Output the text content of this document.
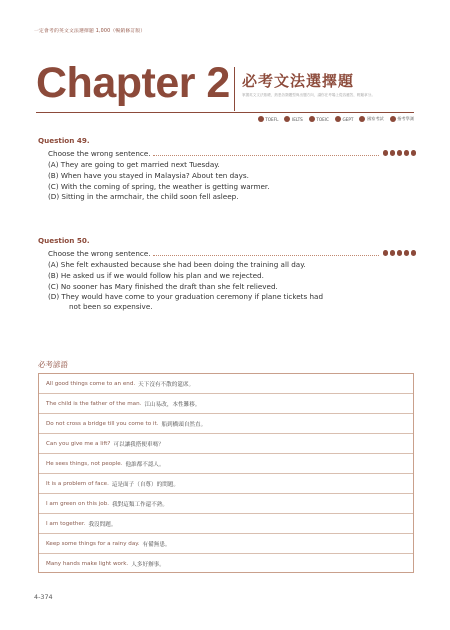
一定會考的英文文法選擇題 1,000（暢銷修訂版）
Chapter 2 必考文法選擇題
掌握英文文法基礎，熟悉各類題型與出題方向，讓你在考場上從容應答，輕鬆拿分。
TOEFL	IELTS	TOEIC	GEPT	國家考試	指考學測
Question 49.
Choose the wrong sentence.
(A) They are going to get married next Tuesday.
(B) When have you stayed in Malaysia? About ten days.
(C) With the coming of spring, the weather is getting warmer.
(D) Sitting in the armchair, the child soon fell asleep.
Question 50.
Choose the wrong sentence.
(A) She felt exhausted because she had been doing the training all day.
(B) He asked us if we would follow his plan and we rejected.
(C) No sooner has Mary finished the draft than she felt relieved.
(D) They would have come to your graduation ceremony if plane tickets had
not been so expensive.
必考諺語
All good things come to an end. 天下沒有不散的筵席。
The child is the father of the man. 江山易改，本性難移。
Do not cross a bridge till you come to it. 船到橋頭自然直。
Can you give me a lift? 可以讓我搭便車嗎？
He sees things, not people. 他誰都不認人。
It is a problem of face. 這是面子（自尊）的問題。
I am green on this job. 我對這類工作還不熟。
I am together. 我沒問題。
Keep some things for a rainy day. 有備無患。
Many hands make light work. 人多好辦事。
4-374
